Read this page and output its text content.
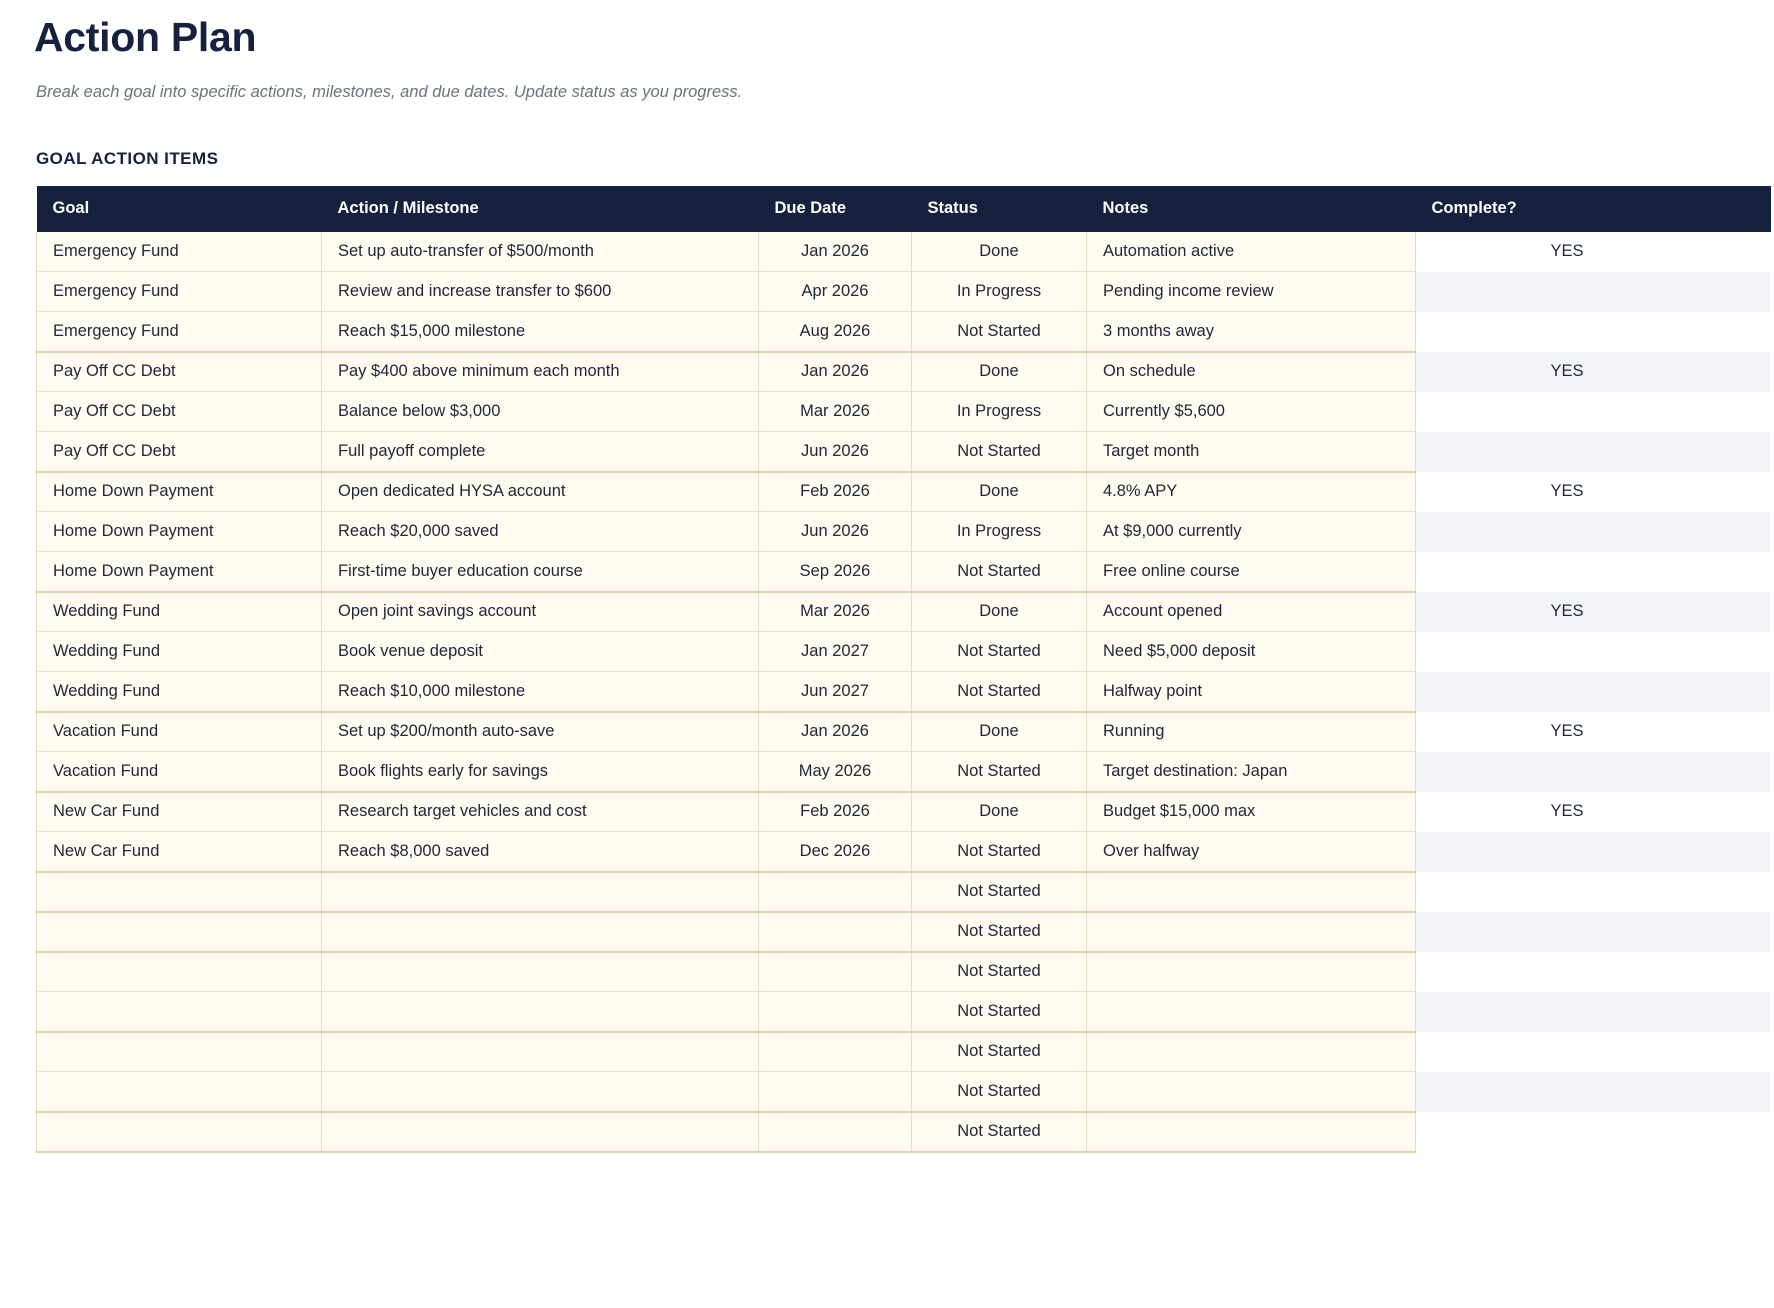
Action Plan

Break each goal into specific actions, milestones, and due dates. Update status as you progress.

GOAL ACTION ITEMS
Goal	Action / Milestone	Due Date	Status	Notes	Complete?
Emergency Fund	Set up auto-transfer of $500/month	Jan 2026	Done	Automation active	YES
Emergency Fund	Review and increase transfer to $600	Apr 2026	In Progress	Pending income review	
Emergency Fund	Reach $15,000 milestone	Aug 2026	Not Started	3 months away	
Pay Off CC Debt	Pay $400 above minimum each month	Jan 2026	Done	On schedule	YES
Pay Off CC Debt	Balance below $3,000	Mar 2026	In Progress	Currently $5,600	
Pay Off CC Debt	Full payoff complete	Jun 2026	Not Started	Target month	
Home Down Payment	Open dedicated HYSA account	Feb 2026	Done	4.8% APY	YES
Home Down Payment	Reach $20,000 saved	Jun 2026	In Progress	At $9,000 currently	
Home Down Payment	First-time buyer education course	Sep 2026	Not Started	Free online course	
Wedding Fund	Open joint savings account	Mar 2026	Done	Account opened	YES
Wedding Fund	Book venue deposit	Jan 2027	Not Started	Need $5,000 deposit	
Wedding Fund	Reach $10,000 milestone	Jun 2027	Not Started	Halfway point	
Vacation Fund	Set up $200/month auto-save	Jan 2026	Done	Running	YES
Vacation Fund	Book flights early for savings	May 2026	Not Started	Target destination: Japan	
New Car Fund	Research target vehicles and cost	Feb 2026	Done	Budget $15,000 max	YES
New Car Fund	Reach $8,000 saved	Dec 2026	Not Started	Over halfway	
			Not Started		
			Not Started		
			Not Started		
			Not Started		
			Not Started		
			Not Started		
			Not Started		
